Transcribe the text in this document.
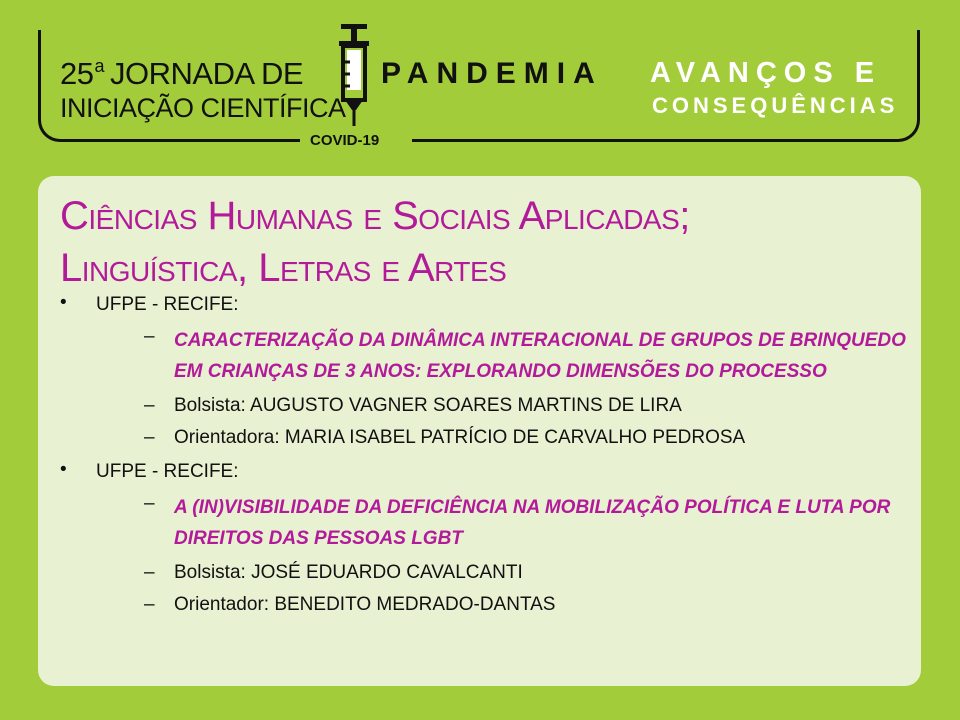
25$^a$ JORNADA DE
INICIAÇÃO CIENTÍFICA
PANDEMIA AVANÇOS E
CONSEQUÊNCIAS
COVID-19
Ciências Humanas e Sociais Aplicadas;
Linguística, Letras e Artes
•	UFPE - RECIFE:
– CARACTERIZAÇÃO DA DINÂMICA INTERACIONAL DE GRUPOS DE BRINQUEDO EM CRIANÇAS DE 3 ANOS: EXPLORANDO DIMENSÕES DO PROCESSO
– Bolsista: AUGUSTO VAGNER SOARES MARTINS DE LIRA
– Orientadora: MARIA ISABEL PATRÍCIO DE CARVALHO PEDROSA
•	UFPE - RECIFE:
– A (IN)VISIBILIDADE DA DEFICIÊNCIA NA MOBILIZAÇÃO POLÍTICA E LUTA POR DIREITOS DAS PESSOAS LGBT
– Bolsista: JOSÉ EDUARDO CAVALCANTI
– Orientador: BENEDITO MEDRADO-DANTAS
